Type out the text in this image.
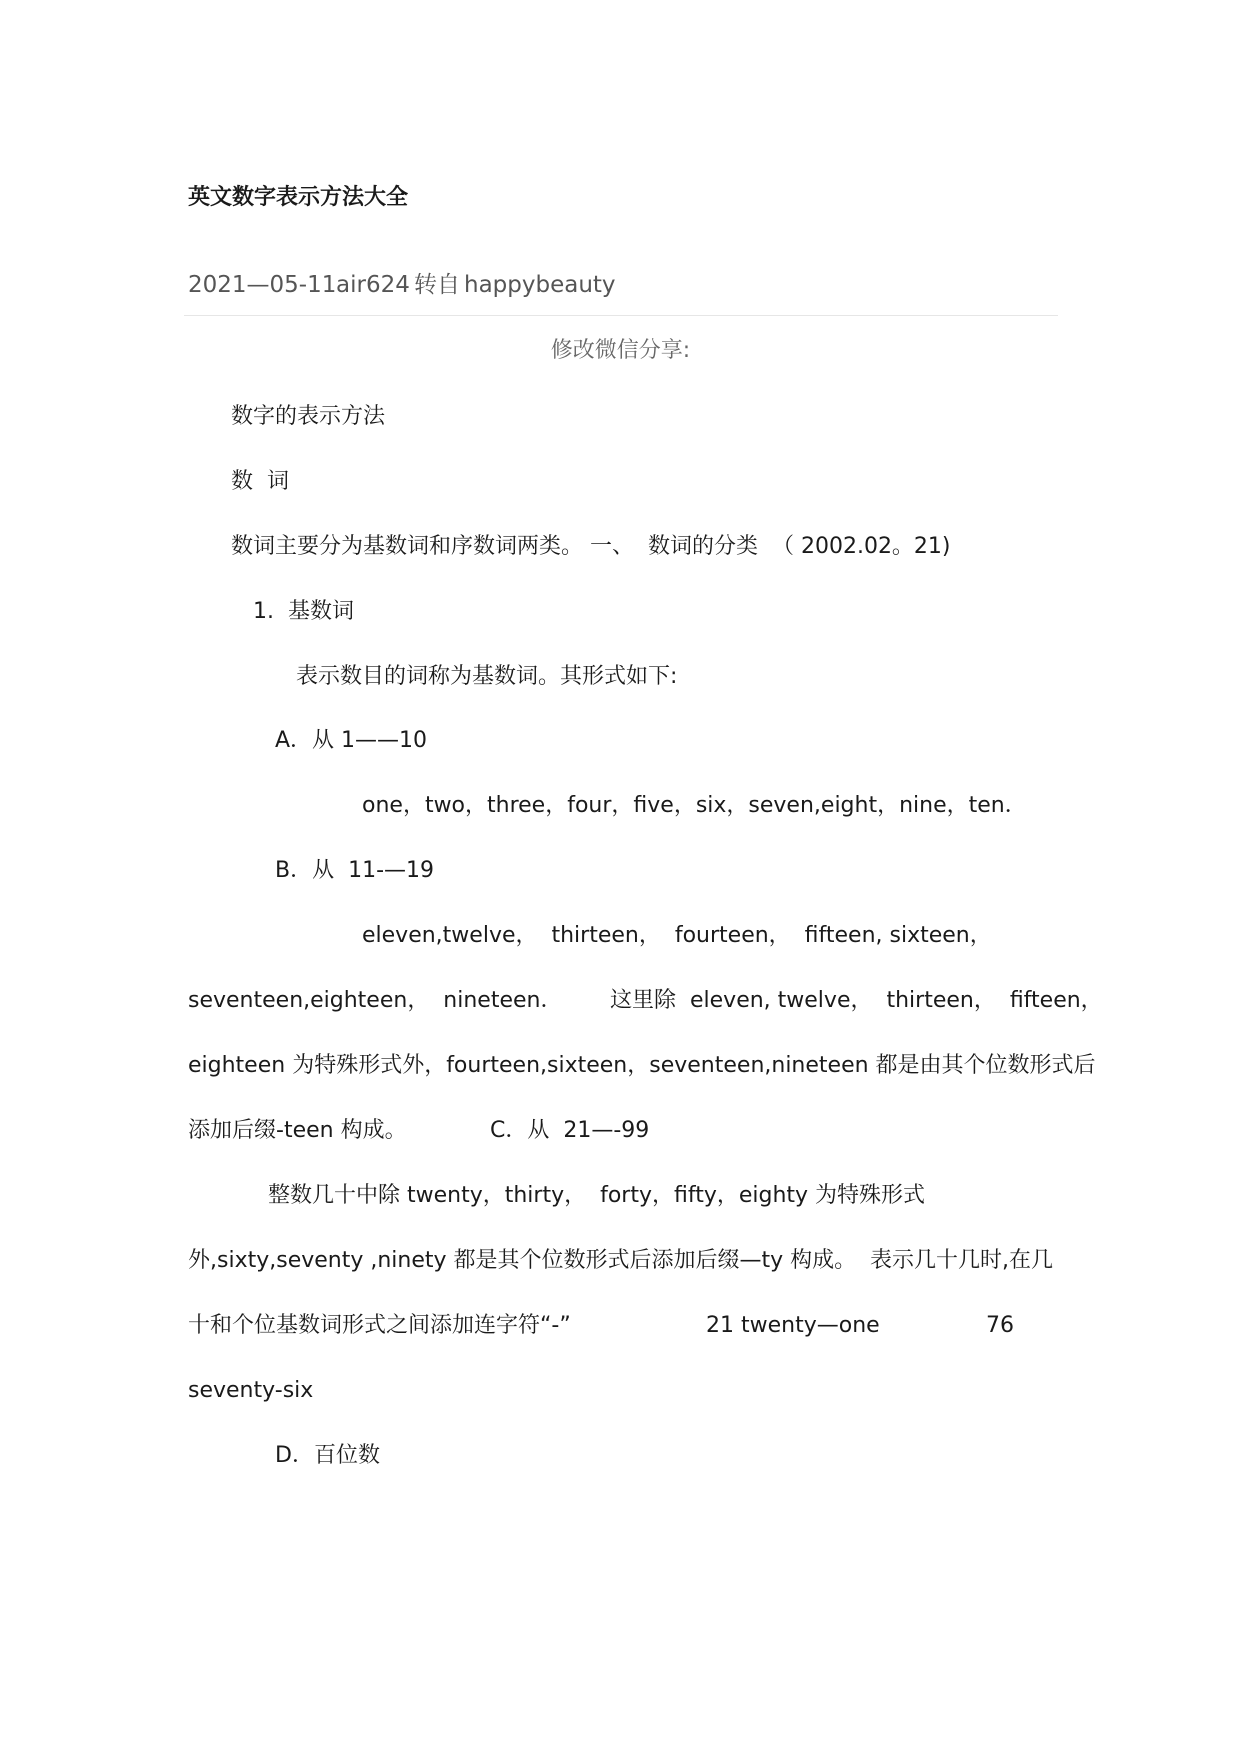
英文数字表示方法大全
2021—05-11 air624 转自 happybeauty
修改微信分享:
数字的表示方法
数  词
数词主要分为基数词和序数词两类。 一、  数词的分类  （ 2002.02。21)
1.  基数词
表示数目的词称为基数词。其形式如下:
A．从 1——10
one，two，three，four，five，six，seven,eight，nine，ten．
B．从  11-—19
eleven,twelve，  thirteen，  fourteen，  fifteen, sixteen，
seventeen,eighteen，  nineteen． 这里除  eleven, twelve，  thirteen，  fifteen，
eighteen 为特殊形式外，fourteen,sixteen，seventeen,nineteen 都是由其个位数形式后
添加后缀-teen 构成。	C．从  21—-99
整数几十中除 twenty，thirty，  forty，fifty，eighty 为特殊形式
外,sixty,seventy ,ninety 都是其个位数形式后添加后缀—ty 构成。 表示几十几时,在几
十和个位基数词形式之间添加连字符“-”	21 twenty—one	76
seventy-six
D．百位数
